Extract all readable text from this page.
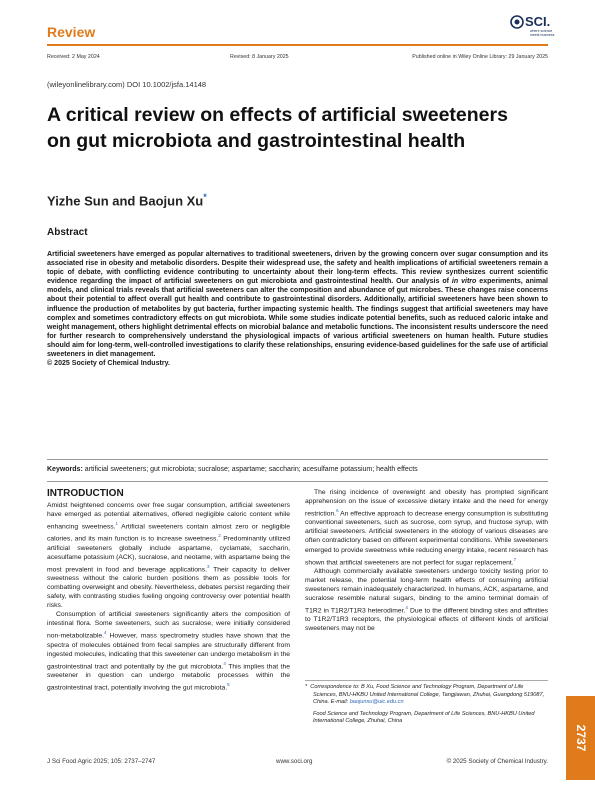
Review
SCI.
where science meets business
Received: 2 May 2024	Revised: 8 January 2025	Published online in Wiley Online Library: 29 January 2025
(wileyonlinelibrary.com) DOI 10.1002/jsfa.14148
A critical review on effects of artificial sweeteners on gut microbiota and gastrointestinal health
Yizhe Sun and Baojun Xu*
Abstract
Artificial sweeteners have emerged as popular alternatives to traditional sweeteners, driven by the growing concern over sugar consumption and its associated rise in obesity and metabolic disorders. Despite their widespread use, the safety and health implications of artificial sweeteners remain a topic of debate, with conflicting evidence contributing to uncertainty about their long-term effects. This review synthesizes current scientific evidence regarding the impact of artificial sweeteners on gut microbiota and gastrointestinal health. Our analysis of in vitro experiments, animal models, and clinical trials reveals that artificial sweeteners can alter the composition and abundance of gut microbes. These changes raise concerns about their potential to affect overall gut health and contribute to gastrointestinal disorders. Additionally, artificial sweeteners have been shown to influence the production of metabolites by gut bacteria, further impacting systemic health. The findings suggest that artificial sweeteners may have complex and sometimes contradictory effects on gut microbiota. While some studies indicate potential benefits, such as reduced caloric intake and weight management, others highlight detrimental effects on microbial balance and metabolic functions. The inconsistent results underscore the need for further research to comprehensively understand the physiological impacts of various artificial sweeteners on human health. Future studies should aim for long-term, well-controlled investigations to clarify these relationships, ensuring evidence-based guidelines for the safe use of artificial sweeteners in diet management.
© 2025 Society of Chemical Industry.
Keywords: artificial sweeteners; gut microbiota; sucralose; aspartame; saccharin; acesulfame potassium; health effects
INTRODUCTION

Amidst heightened concerns over free sugar consumption, artificial sweeteners have emerged as potential alternatives, offered negligible caloric content while enhancing sweetness.$^1$ Artificial sweeteners contain almost zero or negligible calories, and its main function is to increase sweetness.$^2$ Predominantly utilized artificial sweeteners globally include aspartame, cyclamate, saccharin, acesulfame potassium (ACK), sucralose, and neotame, with aspartame being the most prevalent in food and beverage applications.$^3$ Their capacity to deliver sweetness without the caloric burden positions them as possible tools for combatting overweight and obesity. Nevertheless, debates persist regarding their safety, with contrasting studies fueling ongoing controversy over potential health risks.

Consumption of artificial sweeteners significantly alters the composition of intestinal flora. Some sweeteners, such as sucralose, were initially considered non-metabolizable.$^4$ However, mass spectrometry studies have shown that the spectra of molecules obtained from fecal samples are structurally different from ingested molecules, indicating that this sweetener can undergo metabolism in the gastrointestinal tract and potentially by the gut microbiota.$^4$ This implies that the sweetener in question can undergo metabolic processes within the gastrointestinal tract, potentially involving the gut microbiota.$^5$

The rising incidence of overweight and obesity has prompted significant apprehension on the issue of excessive dietary intake and the need for energy restriction.$^6$ An effective approach to decrease energy consumption is substituting conventional sweeteners, such as sucrose, corn syrup, and fructose syrup, with artificial sweeteners. Artificial sweeteners in the etiology of various diseases are often contradictory based on different experimental conditions. While sweeteners emerged to provide sweetness while reducing energy intake, recent research has shown that artificial sweeteners are not perfect for sugar replacement.$^7$

Although commercially available sweeteners undergo toxicity testing prior to market release, the potential long-term health effects of consuming artificial sweeteners remain inadequately characterized. In humans, ACK, aspartame, and sucralose resemble natural sugars, binding to the amino terminal domain of T1R2 in T1R2/T1R3 heterodimer.$^4$ Due to the different binding sites and affinities to T1R2/T1R3 receptors, the physiological effects of different kinds of artificial sweeteners may not be

*  Correspondence to: B Xu, Food Science and Technology Program, Department of Life Sciences, BNU-HKBU United International College, Tangjiawan, Zhuhai, Guangdong 519087, China. E-mail: baojunxu@uic.edu.cn

Food Science and Technology Program, Department of Life Sciences, BNU-HKBU United International College, Zhuhai, China

J Sci Food Agric 2025; 105: 2737–2747	www.soci.org	© 2025 Society of Chemical Industry.
2737
